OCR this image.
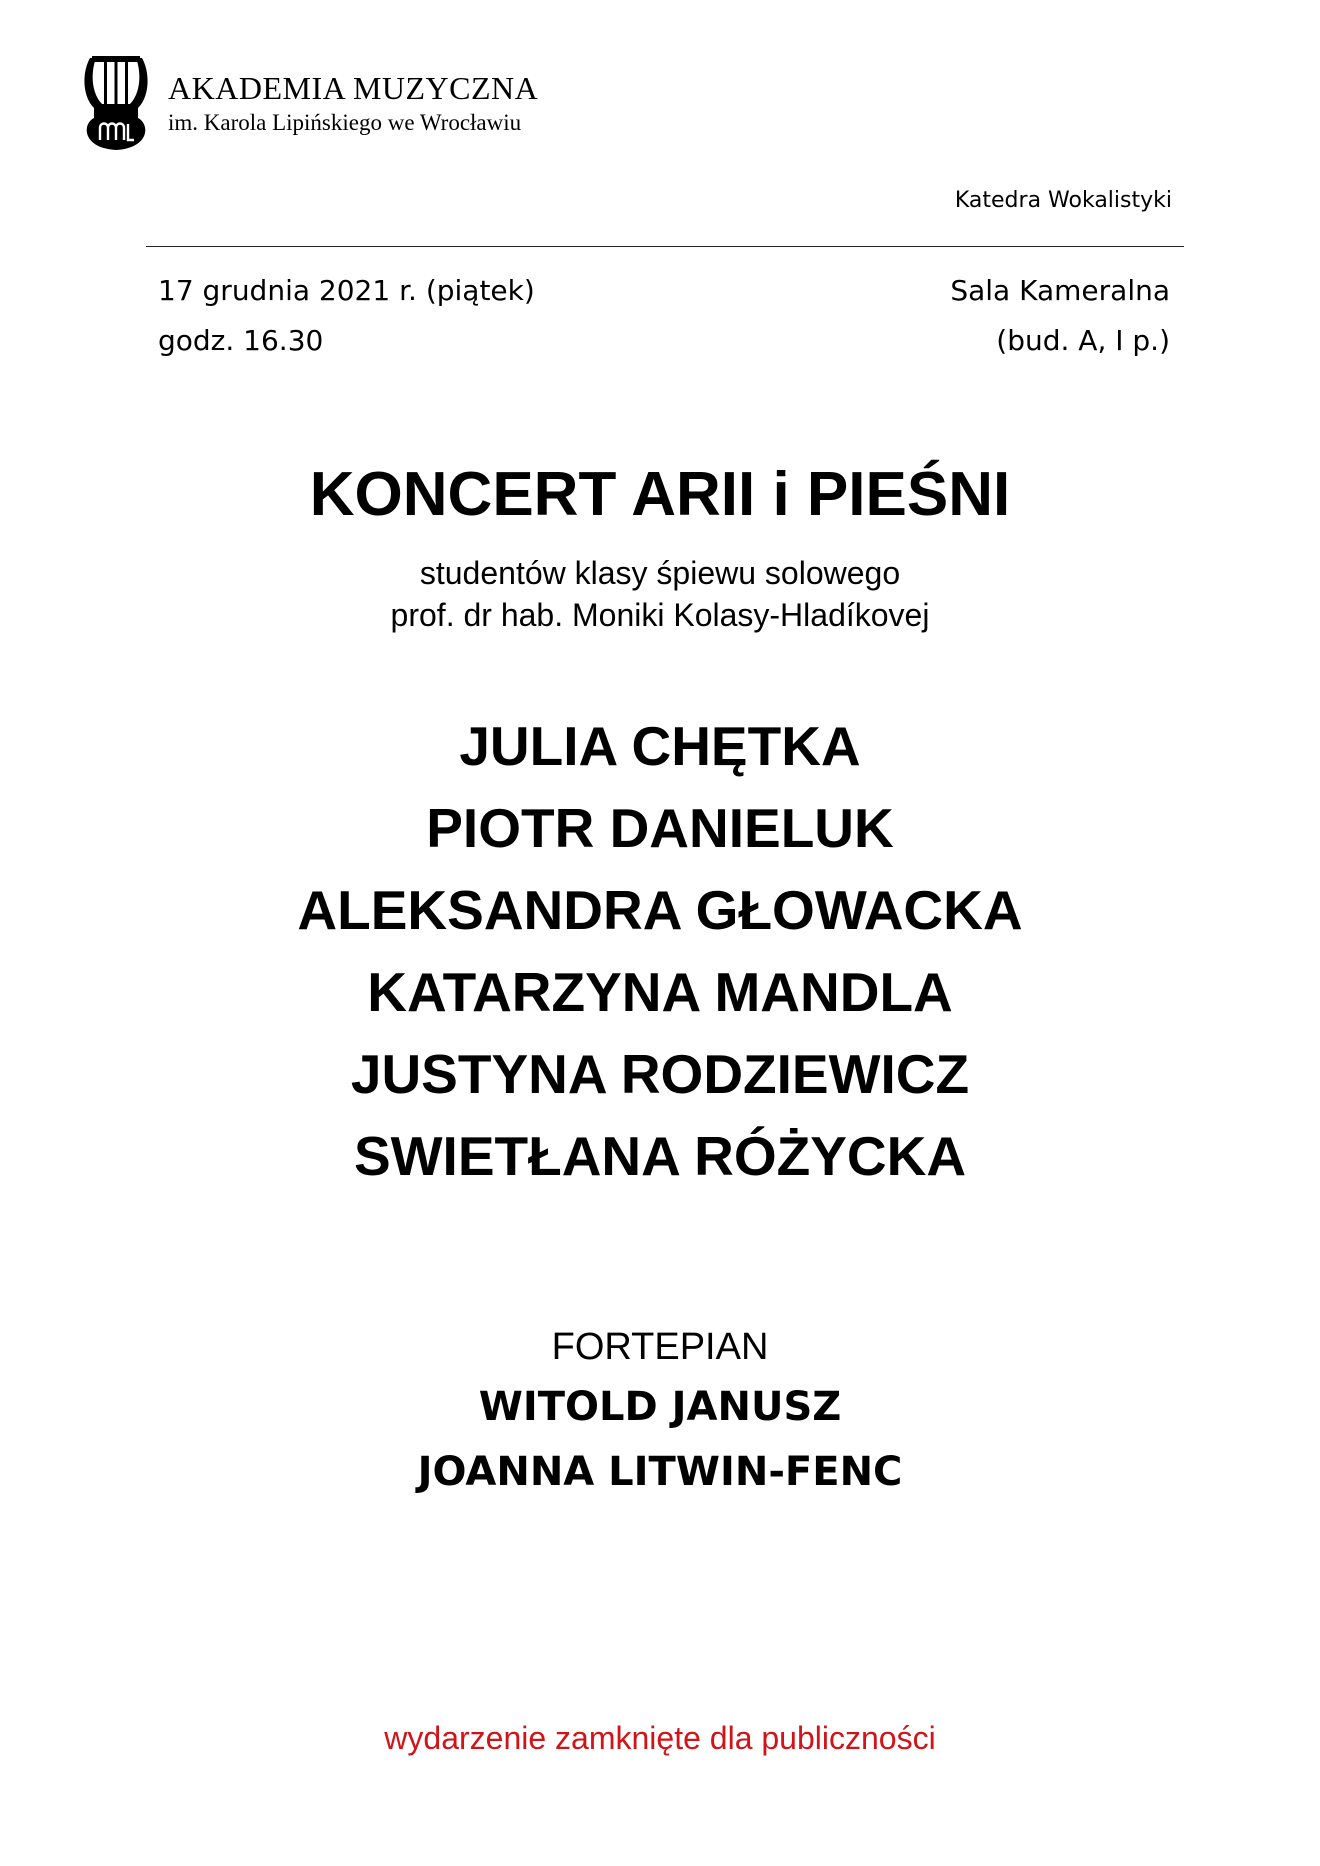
AKADEMIA MUZYCZNA
im. Karola Lipińskiego we Wrocławiu
Katedra Wokalistyki
17 grudnia 2021 r. (piątek)
godz. 16.30
Sala Kameralna
(bud. A, I p.)
KONCERT ARII i PIEŚNI
studentów klasy śpiewu solowego
prof. dr hab. Moniki Kolasy-Hladíkovej
JULIA CHĘTKA
PIOTR DANIELUK
ALEKSANDRA GŁOWACKA
KATARZYNA MANDLA
JUSTYNA RODZIEWICZ
SWIETŁANA RÓŻYCKA
FORTEPIAN
WITOLD JANUSZ
JOANNA LITWIN-FENC
wydarzenie zamknięte dla publiczności
